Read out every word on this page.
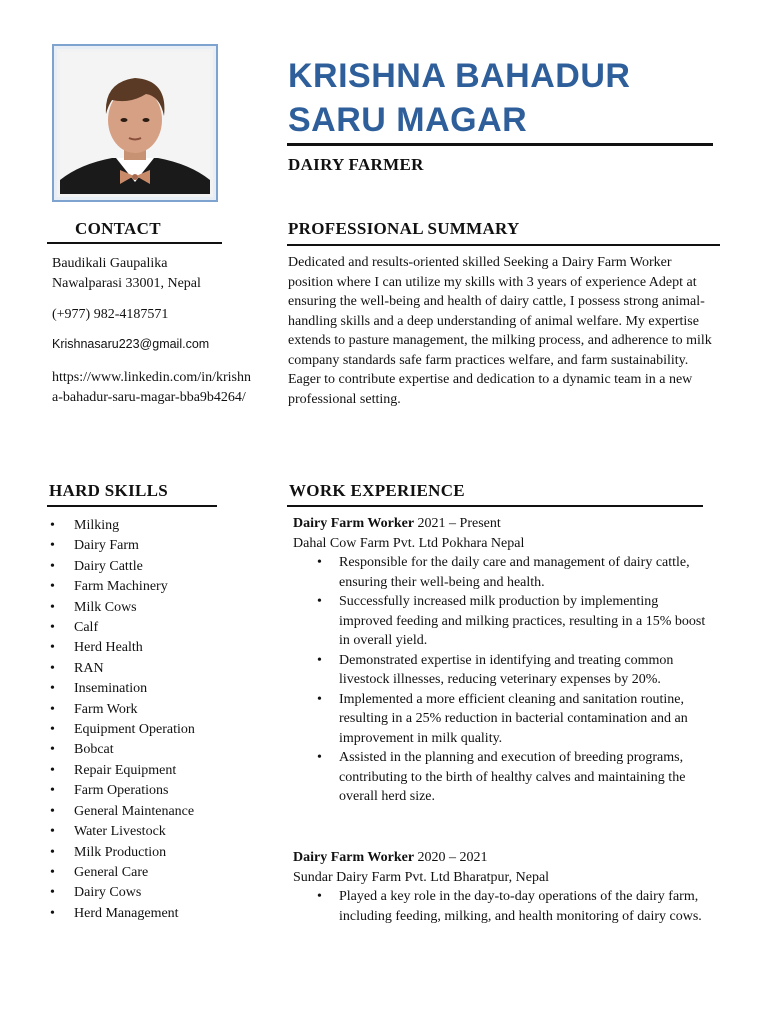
KRISHNA BAHADUR
SARU MAGAR
DAIRY FARMER
CONTACT
Baudikali Gaupalika
Nawalparasi 33001, Nepal
(+977) 982-4187571
Krishnasaru223@gmail.com
https://www.linkedin.com/in/krishna-bahadur-saru-magar-bba9b4264/
PROFESSIONAL SUMMARY
Dedicated and results-oriented skilled Seeking a Dairy Farm Worker position where I can utilize my skills with 3 years of experience Adept at ensuring the well-being and health of dairy cattle, I possess strong animal-handling skills and a deep understanding of animal welfare. My expertise extends to pasture management, the milking process, and adherence to milk company standards safe farm practices welfare, and farm sustainability. Eager to contribute expertise and dedication to a dynamic team in a new professional setting.
HARD SKILLS
• Milking
• Dairy Farm
• Dairy Cattle
• Farm Machinery
• Milk Cows
• Calf
• Herd Health
• RAN
• Insemination
• Farm Work
• Equipment Operation
• Bobcat
• Repair Equipment
• Farm Operations
• General Maintenance
• Water Livestock
• Milk Production
• General Care
• Dairy Cows
• Herd Management
WORK EXPERIENCE
Dairy Farm Worker 2021 – Present
Dahal Cow Farm Pvt. Ltd Pokhara Nepal
• Responsible for the daily care and management of dairy cattle, ensuring their well-being and health.
• Successfully increased milk production by implementing improved feeding and milking practices, resulting in a 15% boost in overall yield.
• Demonstrated expertise in identifying and treating common livestock illnesses, reducing veterinary expenses by 20%.
• Implemented a more efficient cleaning and sanitation routine, resulting in a 25% reduction in bacterial contamination and an improvement in milk quality.
• Assisted in the planning and execution of breeding programs, contributing to the birth of healthy calves and maintaining the overall herd size.
Dairy Farm Worker 2020 – 2021
Sundar Dairy Farm Pvt. Ltd Bharatpur, Nepal
• Played a key role in the day-to-day operations of the dairy farm, including feeding, milking, and health monitoring of dairy cows.
